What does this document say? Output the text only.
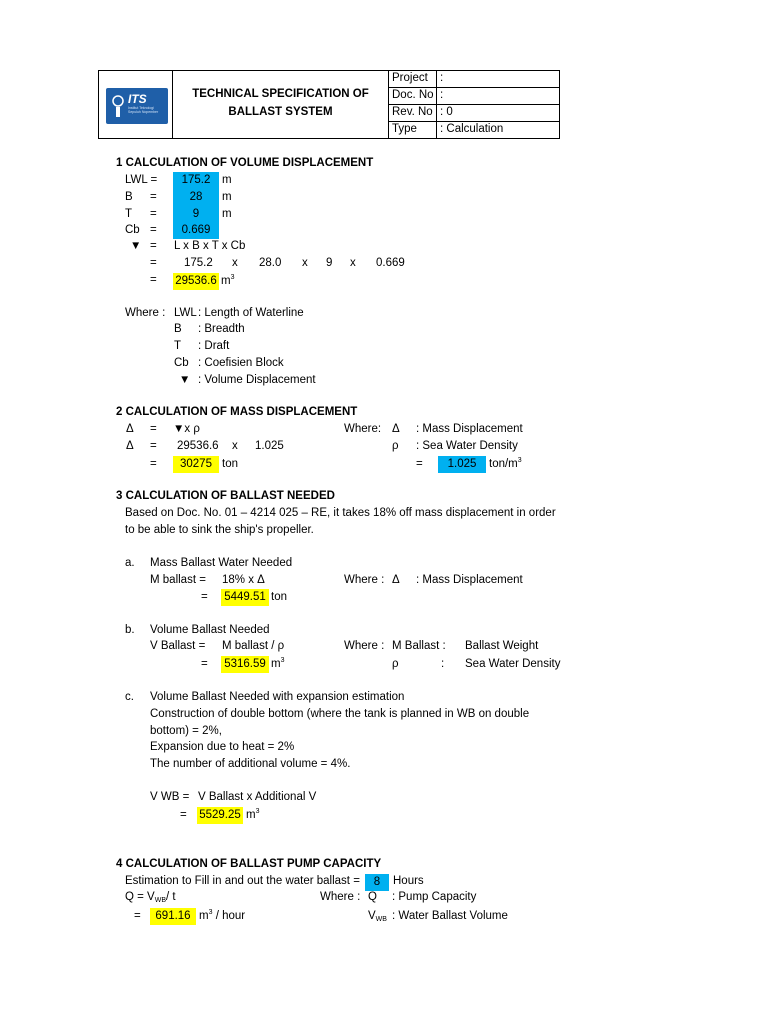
ITS
Institut Teknologi Sepuluh Nopember
TECHNICAL SPECIFICATION OF
BALLAST SYSTEM
Project :
Doc. No :
Rev. No : 0
Type : Calculation
1 CALCULATION OF VOLUME DISPLACEMENT
LWL =	175.2	m
B =	28	m
T =	9	m
Cb =	0.669
▼ = L x B x T x Cb
= 175.2 x 28.0 x 9 x 0.669
= 29536.6 $m^3$
Where : LWL : Length of Waterline
B : Breadth
T : Draft
Cb : Coefisien Block
▼ : Volume Displacement
2 CALCULATION OF MASS DISPLACEMENT
Δ = ▼x ρ	Where: Δ : Mass Displacement
Δ = 29536.6 x 1.025	ρ : Sea Water Density
=	30275 ton	=	1.025	ton/$m^3$
3 CALCULATION OF BALLAST NEEDED
Based on Doc. No. 01 – 4214 025 – RE, it takes 18% off mass displacement in order
to be able to sink the ship's propeller.
a. Mass Ballast Water Needed
M ballast = 18% x Δ	Where : Δ : Mass Displacement
= 5449.51 ton
b. Volume Ballast Needed
V Ballast = M ballast / ρ	Where : M Ballast : Ballast Weight
= 5316.59 $m^3$	ρ	: Sea Water Density
c. Volume Ballast Needed with expansion estimation
Construction of double bottom (where the tank is planned in WB on double
bottom) = 2%,
Expansion due to heat = 2%
The number of additional volume = 4%.
V WB = V Ballast x Additional V
= 5529.25 $m^3$
4 CALCULATION OF BALLAST PUMP CAPACITY
Estimation to Fill in and out the water ballast =	8	Hours
$Q = V_{WB}/$ t	Where : Q : Pump Capacity
=	691.16 $m^3$ / hour	$V_{WB}$ : Water Ballast Volume
